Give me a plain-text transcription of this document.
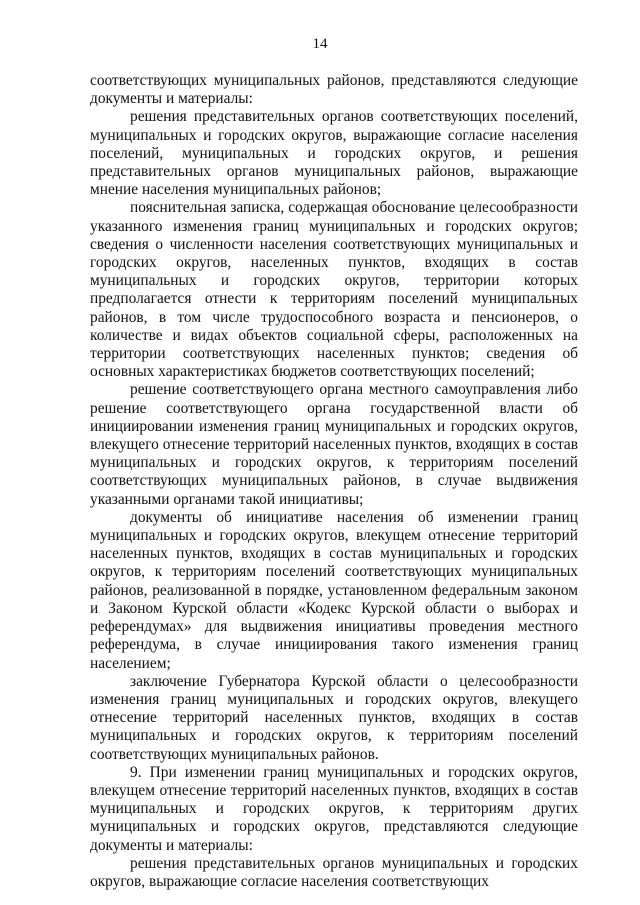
14

соответствующих муниципальных районов, представляются следующие документы и материалы:

решения представительных органов соответствующих поселений, муниципальных и городских округов, выражающие согласие населения поселений, муниципальных и городских округов, и решения представительных органов муниципальных районов, выражающие мнение населения муниципальных районов;

пояснительная записка, содержащая обоснование целесообразности указанного изменения границ муниципальных и городских округов; сведения о численности населения соответствующих муниципальных и городских округов, населенных пунктов, входящих в состав муниципальных и городских округов, территории которых предполагается отнести к территориям поселений муниципальных районов, в том числе трудоспособного возраста и пенсионеров, о количестве и видах объектов социальной сферы, расположенных на территории соответствующих населенных пунктов; сведения об основных характеристиках бюджетов соответствующих поселений;

решение соответствующего органа местного самоуправления либо решение соответствующего органа государственной власти об инициировании изменения границ муниципальных и городских округов, влекущего отнесение территорий населенных пунктов, входящих в состав муниципальных и городских округов, к территориям поселений соответствующих муниципальных районов, в случае выдвижения указанными органами такой инициативы;

документы об инициативе населения об изменении границ муниципальных и городских округов, влекущем отнесение территорий населенных пунктов, входящих в состав муниципальных и городских округов, к территориям поселений соответствующих муниципальных районов, реализованной в порядке, установленном федеральным законом и Законом Курской области «Кодекс Курской области о выборах и референдумах» для выдвижения инициативы проведения местного референдума, в случае инициирования такого изменения границ населением;

заключение Губернатора Курской области о целесообразности изменения границ муниципальных и городских округов, влекущего отнесение территорий населенных пунктов, входящих в состав муниципальных и городских округов, к территориям поселений соответствующих муниципальных районов.

9. При изменении границ муниципальных и городских округов, влекущем отнесение территорий населенных пунктов, входящих в состав муниципальных и городских округов, к территориям других муниципальных и городских округов, представляются следующие документы и материалы:

решения представительных органов муниципальных и городских округов, выражающие согласие населения соответствующих
